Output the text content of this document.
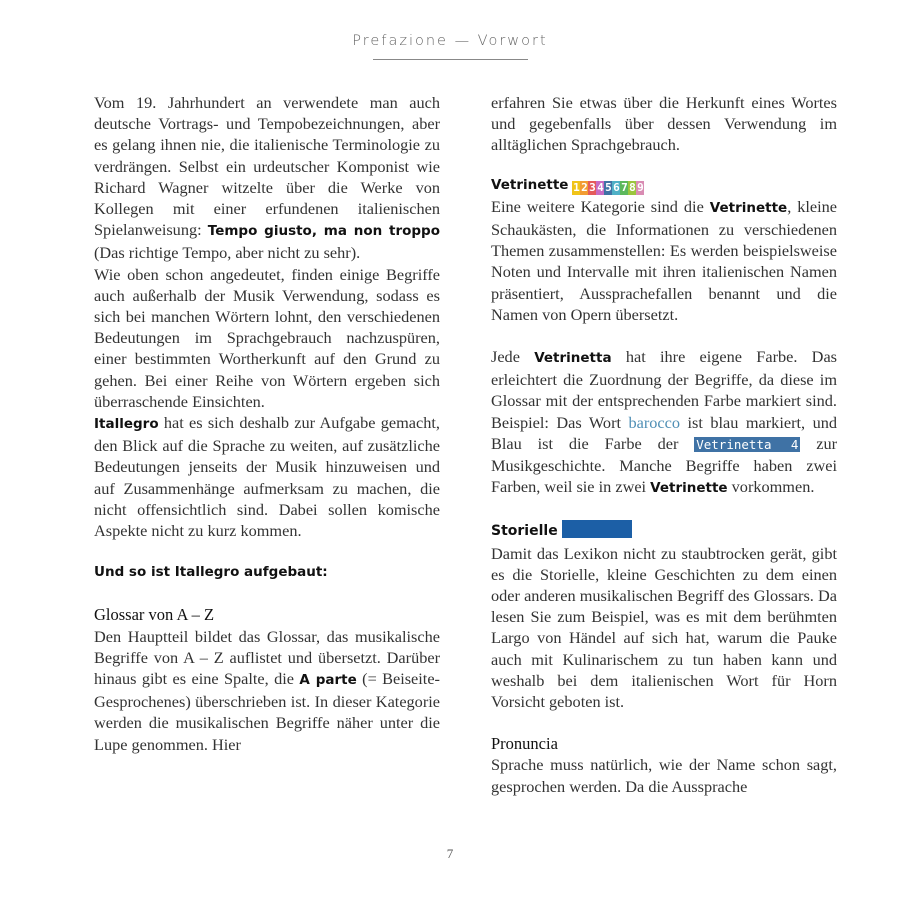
Prefazione — Vorwort

Vom 19. Jahrhundert an verwendete man auch deutsche Vortrags- und Tempobezeichnungen, aber es gelang ihnen nie, die italienische Terminologie zu verdrängen. Selbst ein urdeutscher Komponist wie Richard Wagner witzelte über die Werke von Kollegen mit einer erfundenen italienischen Spielanweisung: Tempo giusto, ma non troppo (Das richtige Tempo, aber nicht zu sehr).

Wie oben schon angedeutet, finden einige Begriffe auch außerhalb der Musik Verwendung, sodass es sich bei manchen Wörtern lohnt, den verschiedenen Bedeutungen im Sprachgebrauch nachzuspüren, einer bestimmten Wortherkunft auf den Grund zu gehen. Bei einer Reihe von Wörtern ergeben sich überraschende Einsichten.

Itallegro hat es sich deshalb zur Aufgabe gemacht, den Blick auf die Sprache zu weiten, auf zusätzliche Bedeutungen jenseits der Musik hinzuweisen und auf Zusammenhänge aufmerksam zu machen, die nicht offensichtlich sind. Dabei sollen komische Aspekte nicht zu kurz kommen.

Und so ist Itallegro aufgebaut:

Glossar von A – Z

Den Hauptteil bildet das Glossar, das musikalische Begriffe von A – Z auflistet und übersetzt. Darüber hinaus gibt es eine Spalte, die A parte (= Beiseite-Gesprochenes) überschrieben ist. In dieser Kategorie werden die musikalischen Begriffe näher unter die Lupe genommen. Hier

erfahren Sie etwas über die Herkunft eines Wortes und gegebenfalls über dessen Verwendung im alltäglichen Sprachgebrauch.

Vetrinette 1 2 3 4 5 6 7 8 9

Eine weitere Kategorie sind die Vetrinette, kleine Schaukästen, die Informationen zu verschiedenen Themen zusammenstellen: Es werden beispielsweise Noten und Intervalle mit ihren italienischen Namen präsentiert, Aussprachefallen benannt und die Namen von Opern übersetzt.

Jede Vetrinetta hat ihre eigene Farbe. Das erleichtert die Zuordnung der Begriffe, da diese im Glossar mit der entsprechenden Farbe markiert sind. Beispiel: Das Wort barocco ist blau markiert, und Blau ist die Farbe der Vetrinetta 4 zur Musikgeschichte. Manche Begriffe haben zwei Farben, weil sie in zwei Vetrinette vorkommen.

Storielle

Damit das Lexikon nicht zu staubtrocken gerät, gibt es die Storielle, kleine Geschichten zu dem einen oder anderen musikalischen Begriff des Glossars. Da lesen Sie zum Beispiel, was es mit dem berühmten Largo von Händel auf sich hat, warum die Pauke auch mit Kulinarischem zu tun haben kann und weshalb bei dem italienischen Wort für Horn Vorsicht geboten ist.

Pronuncia

Sprache muss natürlich, wie der Name schon sagt, gesprochen werden. Da die Aussprache

7
